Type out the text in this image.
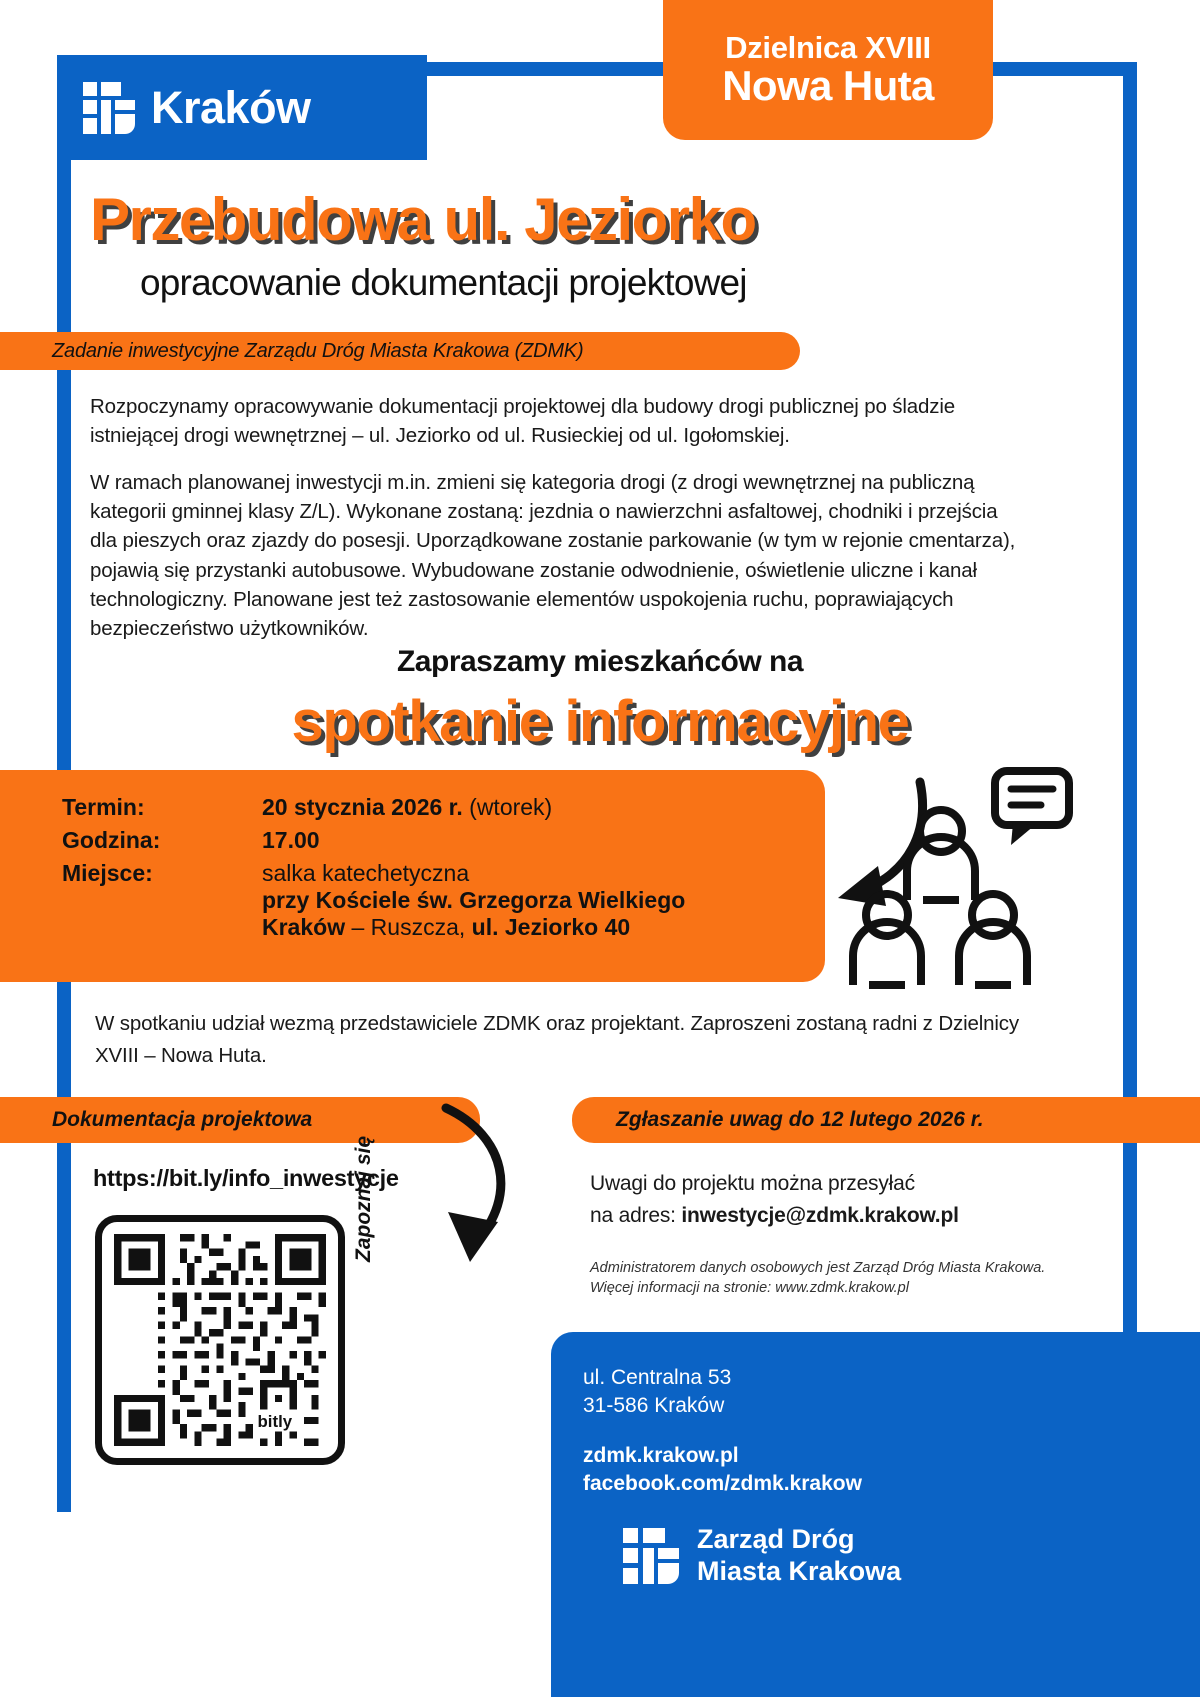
Kraków
Dzielnica XVIII
Nowa Huta
Przebudowa ul. Jeziorko
opracowanie dokumentacji projektowej
Zadanie inwestycyjne Zarządu Dróg Miasta Krakowa (ZDMK)

Rozpoczynamy opracowywanie dokumentacji projektowej dla budowy drogi publicznej po śladzie istniejącej drogi wewnętrznej – ul. Jeziorko od ul. Rusieckiej od ul. Igołomskiej.

W ramach planowanej inwestycji m.in. zmieni się kategoria drogi (z drogi wewnętrznej na publiczną kategorii gminnej klasy Z/L). Wykonane zostaną: jezdnia o nawierzchni asfaltowej, chodniki i przejścia dla pieszych oraz zjazdy do posesji. Uporządkowane zostanie parkowanie (w tym w rejonie cmentarza), pojawią się przystanki autobusowe. Wybudowane zostanie odwodnienie, oświetlenie uliczne i kanał technologiczny. Planowane jest też zastosowanie elementów uspokojenia ruchu, poprawiających bezpieczeństwo użytkowników.

Zapraszamy mieszkańców na
spotkanie informacyjne
Termin:	20 stycznia 2026 r. (wtorek)
Godzina:	17.00
Miejsce:	salka katechetyczna
przy Kościele św. Grzegorza Wielkiego
Kraków – Ruszcza, ul. Jeziorko 40
W spotkaniu udział wezmą przedstawiciele ZDMK oraz projektant. Zaproszeni zostaną radni z Dzielnicy XVIII – Nowa Huta.
Dokumentacja projektowa	Zgłaszanie uwag do 12 lutego 2026 r.
https://bit.ly/info_inwestycje
bitly
Zapoznaj się	Uwagi do projektu można przesyłać
na adres: inwestycje@zdmk.krakow.pl
Administratorem danych osobowych jest Zarząd Dróg Miasta Krakowa. Więcej informacji na stronie: www.zdmk.krakow.pl
ul. Centralna 53
31-586 Kraków
zdmk.krakow.pl
facebook.com/zdmk.krakow
Zarząd Dróg
Miasta Krakowa
